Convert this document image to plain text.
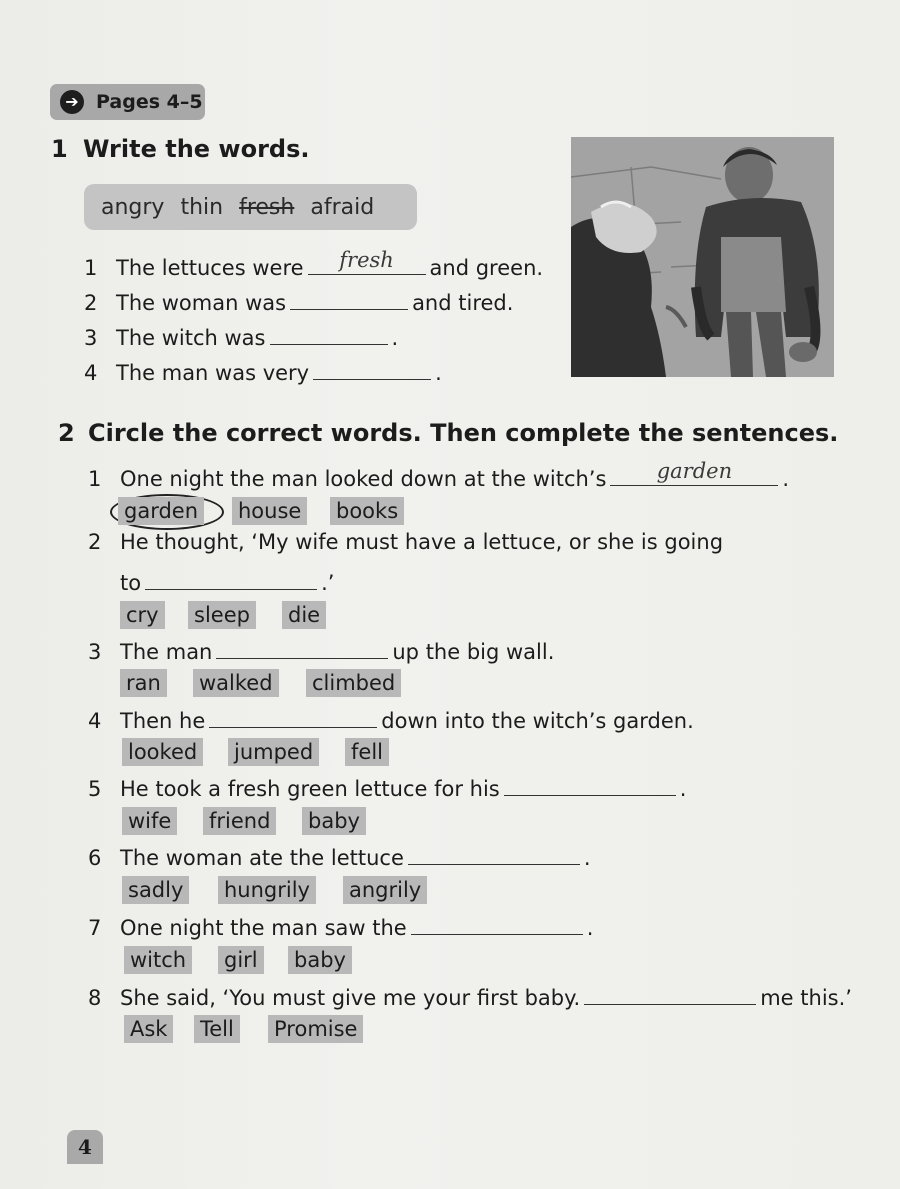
➔ Pages 4–5
1 Write the words.
angry thin fresh afraid
1 The lettuces were	fresh	and green.
2 The woman was	and tired.
3 The witch was	.
4 The man was very	.
2 Circle the correct words. Then complete the sentences.
1 One night the man looked down at the witch’s	garden	.
garden house books
2 He thought, ‘My wife must have a lettuce, or she is going
to	.’
cry sleep die
3 The man	up the big wall.
ran walked climbed
4 Then he	down into the witch’s garden.
looked jumped fell
5 He took a fresh green lettuce for his	.
wife friend baby
6 The woman ate the lettuce	.
sadly hungrily angrily
7 One night the man saw the	.
witch girl baby
8 She said, ‘You must give me your first baby.	me this.’
Ask Tell Promise
4
